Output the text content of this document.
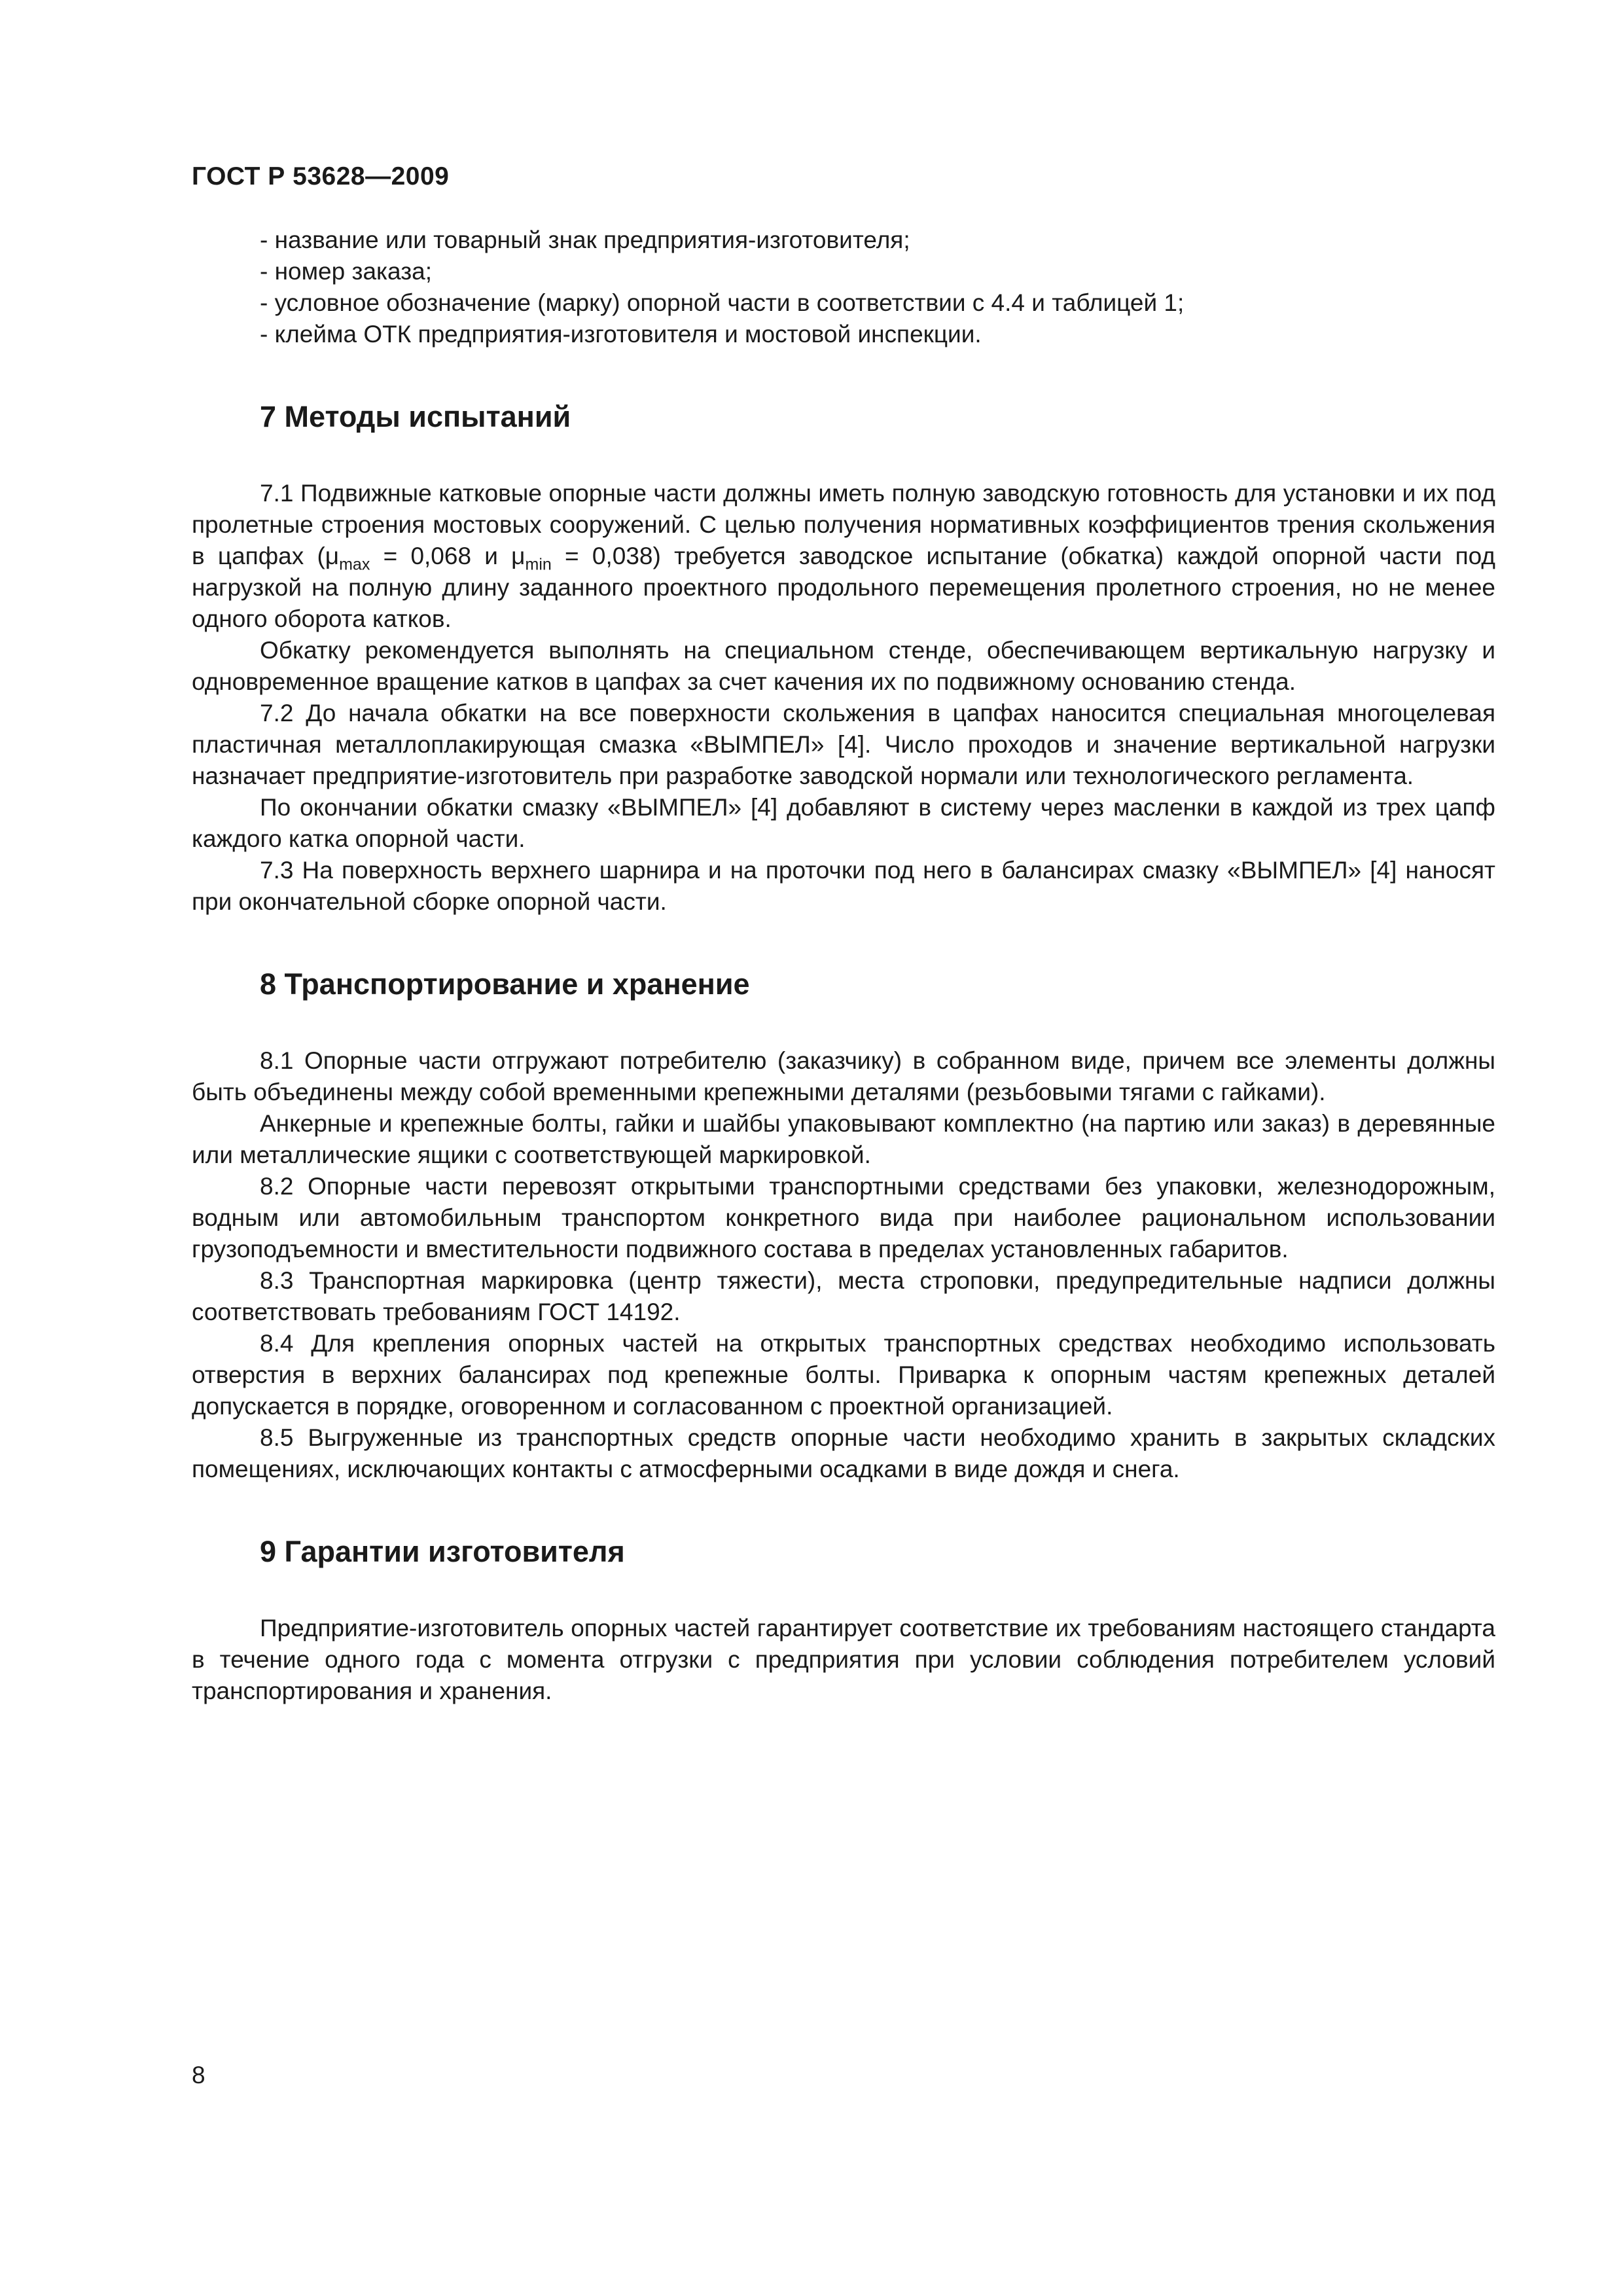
ГОСТ Р 53628—2009

- название или товарный знак предприятия-изготовителя;

- номер заказа;

- условное обозначение (марку) опорной части в соответствии с 4.4 и таблицей 1;

- клейма ОТК предприятия-изготовителя и мостовой инспекции.

7 Методы испытаний

7.1 Подвижные катковые опорные части должны иметь полную заводскую готовность для установки и их под пролетные строения мостовых сооружений. С целью получения нормативных коэффициентов трения скольжения в цапфах ($\mu_{max} = 0,068$ и $\mu_{min} = 0,038$) требуется заводское испытание (обкатка) каждой опорной части под нагрузкой на полную длину заданного проектного продольного перемещения пролетного строения, но не менее одного оборота катков.

Обкатку рекомендуется выполнять на специальном стенде, обеспечивающем вертикальную нагрузку и одновременное вращение катков в цапфах за счет качения их по подвижному основанию стенда.

7.2 До начала обкатки на все поверхности скольжения в цапфах наносится специальная многоцелевая пластичная металлоплакирующая смазка «ВЫМПЕЛ» [4]. Число проходов и значение вертикальной нагрузки назначает предприятие-изготовитель при разработке заводской нормали или технологического регламента.

По окончании обкатки смазку «ВЫМПЕЛ» [4] добавляют в систему через масленки в каждой из трех цапф каждого катка опорной части.

7.3 На поверхность верхнего шарнира и на проточки под него в балансирах смазку «ВЫМПЕЛ» [4] наносят при окончательной сборке опорной части.

8 Транспортирование и хранение

8.1 Опорные части отгружают потребителю (заказчику) в собранном виде, причем все элементы должны быть объединены между собой временными крепежными деталями (резьбовыми тягами с гайками).

Анкерные и крепежные болты, гайки и шайбы упаковывают комплектно (на партию или заказ) в деревянные или металлические ящики с соответствующей маркировкой.

8.2 Опорные части перевозят открытыми транспортными средствами без упаковки, железнодорожным, водным или автомобильным транспортом конкретного вида при наиболее рациональном использовании грузоподъемности и вместительности подвижного состава в пределах установленных габаритов.

8.3 Транспортная маркировка (центр тяжести), места строповки, предупредительные надписи должны соответствовать требованиям ГОСТ 14192.

8.4 Для крепления опорных частей на открытых транспортных средствах необходимо использовать отверстия в верхних балансирах под крепежные болты. Приварка к опорным частям крепежных деталей допускается в порядке, оговоренном и согласованном с проектной организацией.

8.5 Выгруженные из транспортных средств опорные части необходимо хранить в закрытых складских помещениях, исключающих контакты с атмосферными осадками в виде дождя и снега.

9 Гарантии изготовителя

Предприятие-изготовитель опорных частей гарантирует соответствие их требованиям настоящего стандарта в течение одного года с момента отгрузки с предприятия при условии соблюдения потребителем условий транспортирования и хранения.

8
